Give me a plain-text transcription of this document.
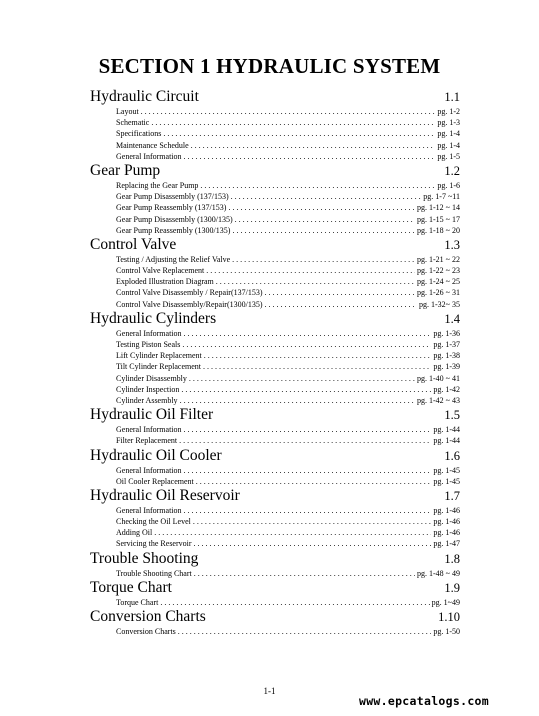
SECTION 1 HYDRAULIC SYSTEM
Hydraulic Circuit	1.1
Layout . . .	pg. 1-2
Schematic . . .	pg. 1-3
Specifications . . .	pg. 1-4
Maintenance Schedule . . .	pg. 1-4
General Information . . .	pg. 1-5
Gear Pump	1.2
Replacing the Gear Pump . . .	pg. 1-6
Gear Pump Disassembly (137/153) . . .	pg. 1-7 ~11
Gear Pump Reassembly (137/153) . . .	pg. 1-12 ~ 14
Gear Pump Disassembly (1300/135) . . .	pg. 1-15 ~ 17
Gear Pump Reassembly (1300/135) . . .	pg. 1-18 ~ 20
Control Valve	1.3
Testing / Adjusting the Relief Valve . . .	pg. 1-21 ~ 22
Control Valve Replacement . . .	pg. 1-22 ~ 23
Exploded Illustration Diagram . . .	pg. 1-24 ~ 25
Control Valve Disassembly / Repair(137/153) . . .	pg. 1-26 ~ 31
Control Valve Disassembly/Repair(1300/135) . . .	pg. 1-32~ 35
Hydraulic Cylinders	1.4
General Information . . .	pg. 1-36
Testing Piston Seals . . .	pg. 1-37
Lift Cylinder Replacement . . .	pg. 1-38
Tilt Cylinder Replacement . . .	pg. 1-39
Cylinder Disassembly . . .	pg. 1-40 ~ 41
Cylinder Inspection . . .	pg. 1-42
Cylinder Assembly . . .	pg. 1-42 ~ 43
Hydraulic Oil Filter	1.5
General Information . . .	pg. 1-44
Filter Replacement . . .	pg. 1-44
Hydraulic Oil Cooler	1.6
General Information . . .	pg. 1-45
Oil Cooler Replacement . . .	pg. 1-45
Hydraulic Oil Reservoir	1.7
General Information . . .	pg. 1-46
Checking the Oil Level . . .	pg. 1-46
Adding Oil . . .	pg. 1-46
Servicing the Reservoir . . .	pg. 1-47
Trouble Shooting	1.8
Trouble Shooting Chart . . .	pg. 1-48 ~ 49
Torque Chart	1.9
Torque Chart . . .	pg. 1~49
Conversion Charts	1.10
Conversion Charts . . .	pg. 1-50
1-1
www.epcatalogs.com
